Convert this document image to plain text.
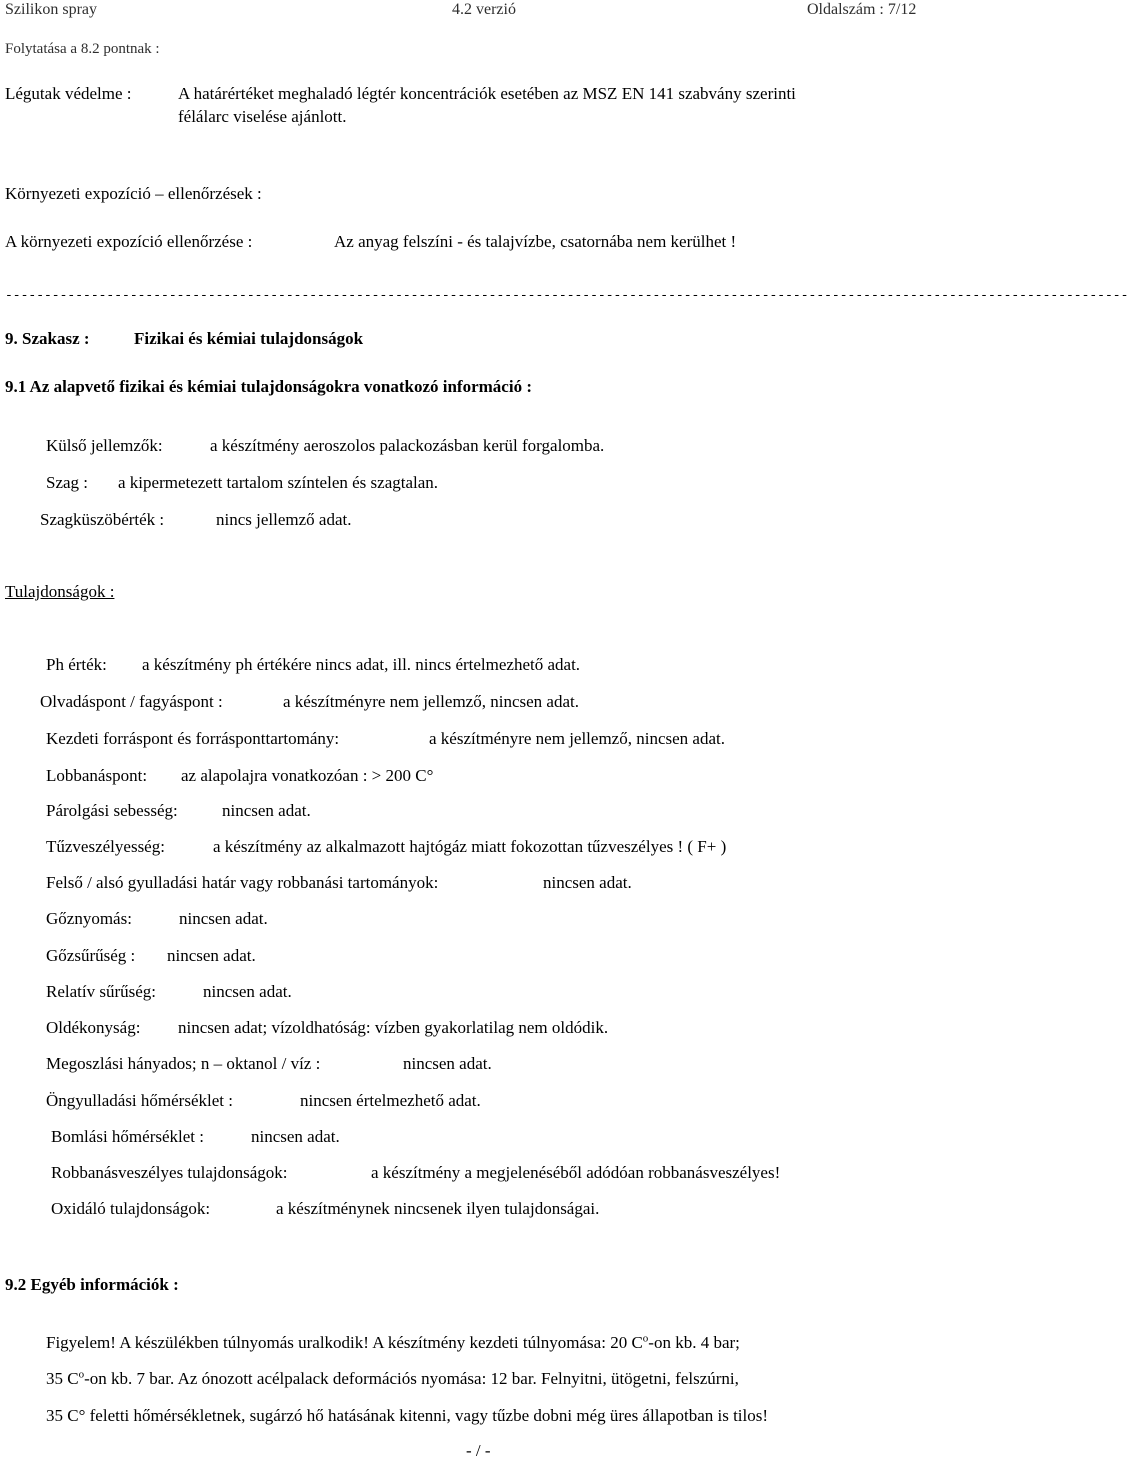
Szilikon spray	4.2 verzió	Oldalszám : 7/12
Folytatása a 8.2 pontnak :
Légutak védelme :	A határértéket meghaladó légtér koncentrációk esetében az MSZ EN 141 szabvány szerinti
félálarc viselése ajánlott.
Környezeti expozíció – ellenőrzések :
A környezeti expozíció ellenőrzése :	Az anyag felszíni - és talajvízbe, csatornába nem kerülhet !
------------------------------------------------------------------------------------------------------------------------------------------------
9. Szakasz :	Fizikai és kémiai tulajdonságok
9.1 Az alapvető fizikai és kémiai tulajdonságokra vonatkozó információ :
Külső jellemzők:	a készítmény aeroszolos palackozásban kerül forgalomba.
Szag : a kipermetezett tartalom színtelen és szagtalan.
Szagküszöbérték :	nincs jellemző adat.
Tulajdonságok :
Ph érték: a készítmény ph értékére nincs adat, ill. nincs értelmezhető adat.
Olvadáspont / fagyáspont :	a készítményre nem jellemző, nincsen adat.
Kezdeti forráspont és forrásponttartomány:	a készítményre nem jellemző, nincsen adat.
Lobbanáspont: az alapolajra vonatkozóan : > 200 C°
Párolgási sebesség:	nincsen adat.
Tűzveszélyesség:	a készítmény az alkalmazott hajtógáz miatt fokozottan tűzveszélyes ! ( F+ )
Felső / alsó gyulladási határ vagy robbanási tartományok:	nincsen adat.
Gőznyomás:	nincsen adat.
Gőzsűrűség : nincsen adat.
Relatív sűrűség:	nincsen adat.
Oldékonyság: nincsen adat; vízoldhatóság: vízben gyakorlatilag nem oldódik.
Megoszlási hányados; n – oktanol / víz :	nincsen adat.
Öngyulladási hőmérséklet :	nincsen értelmezhető adat.
Bomlási hőmérséklet :	nincsen adat.
Robbanásveszélyes tulajdonságok:	a készítmény a megjelenéséből adódóan robbanásveszélyes!
Oxidáló tulajdonságok:	a készítménynek nincsenek ilyen tulajdonságai.
9.2 Egyéb információk :
Figyelem! A készülékben túlnyomás uralkodik! A készítmény kezdeti túlnyomása: 20 $C^o-on$ kb. 4 bar;
35 $C^o-on$ kb. 7 bar. Az ónozott acélpalack deformációs nyomása: 12 bar. Felnyitni, ütögetni, felszúrni,
35 C° feletti hőmérsékletnek, sugárzó hő hatásának kitenni, vagy tűzbe dobni még üres állapotban is tilos!
- / -
